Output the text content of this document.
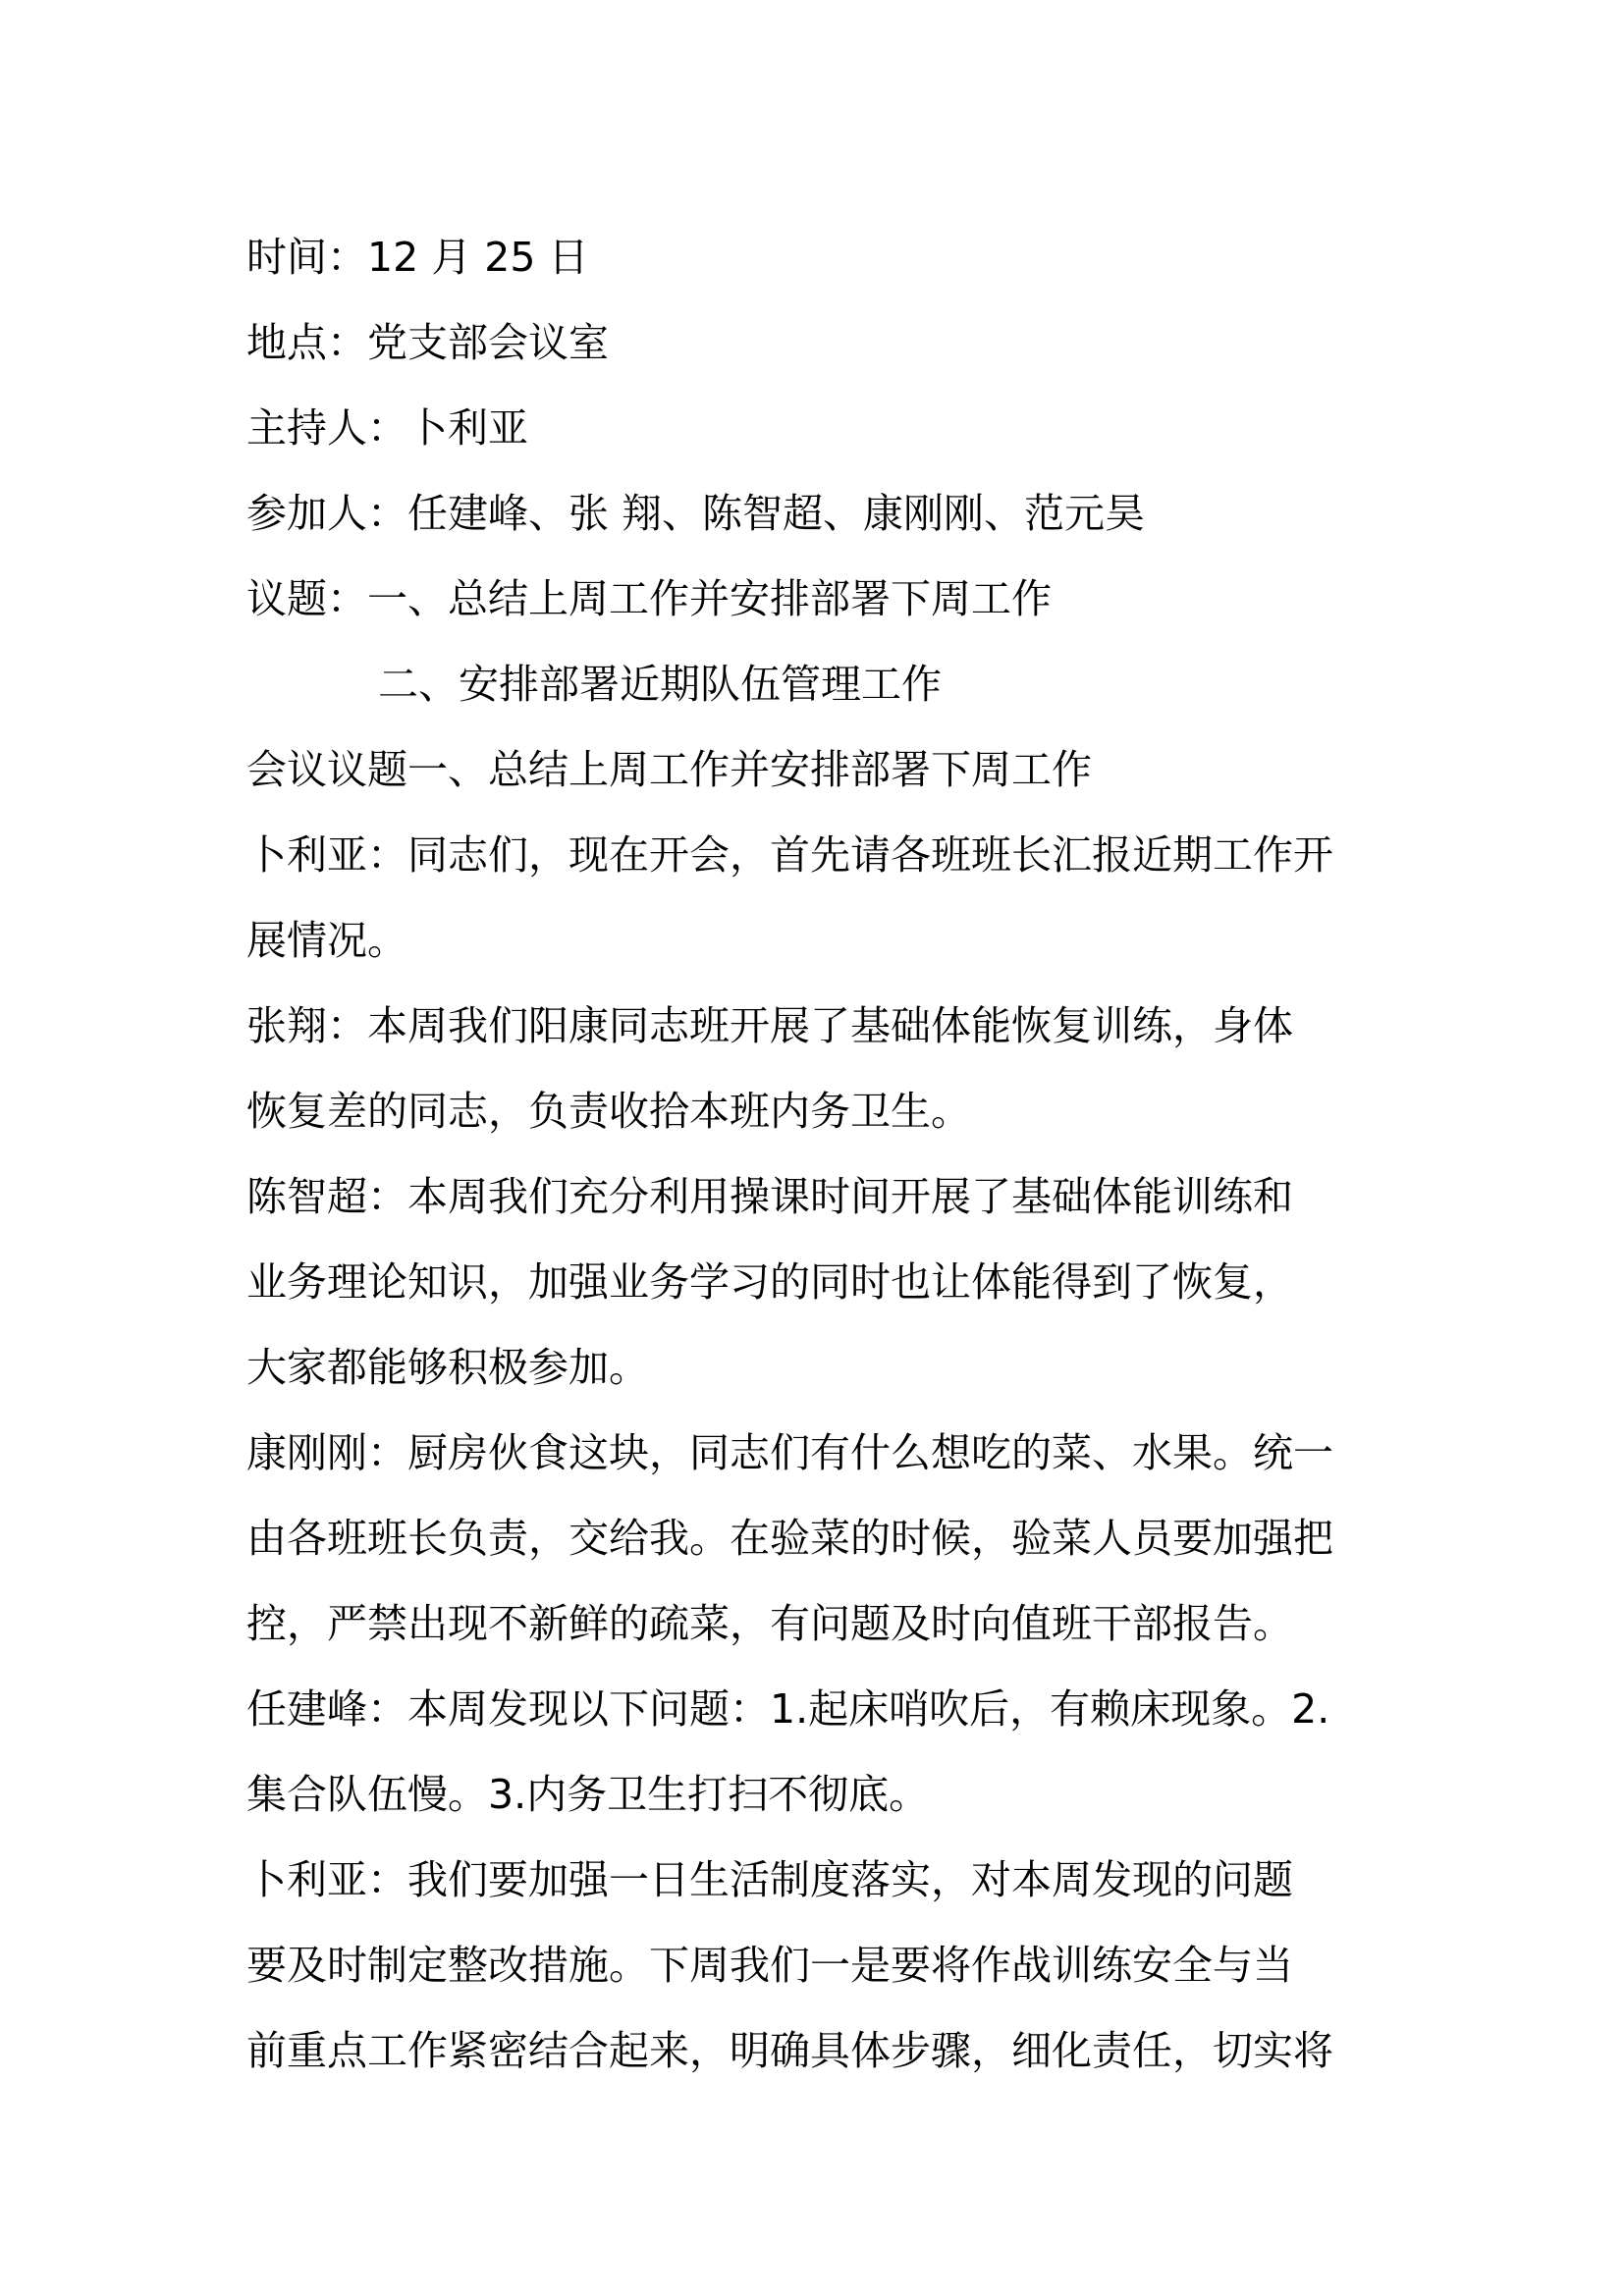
时间：12 月 25 日
地点：党支部会议室
主持人：卜利亚
参加人：任建峰、张 翔、陈智超、康刚刚、范元昊
议题：一、总结上周工作并安排部署下周工作
二、安排部署近期队伍管理工作
会议议题一、总结上周工作并安排部署下周工作
卜利亚：同志们，现在开会，首先请各班班长汇报近期工作开
展情况。
张翔：本周我们阳康同志班开展了基础体能恢复训练，身体
恢复差的同志，负责收拾本班内务卫生。
陈智超：本周我们充分利用操课时间开展了基础体能训练和
业务理论知识，加强业务学习的同时也让体能得到了恢复，
大家都能够积极参加。
康刚刚：厨房伙食这块，同志们有什么想吃的菜、水果。统一
由各班班长负责，交给我。在验菜的时候，验菜人员要加强把
控，严禁出现不新鲜的疏菜，有问题及时向值班干部报告。
任建峰：本周发现以下问题：1.起床哨吹后，有赖床现象。2.
集合队伍慢。3.内务卫生打扫不彻底。
卜利亚：我们要加强一日生活制度落实，对本周发现的问题
要及时制定整改措施。下周我们一是要将作战训练安全与当
前重点工作紧密结合起来，明确具体步骤，细化责任，切实将
